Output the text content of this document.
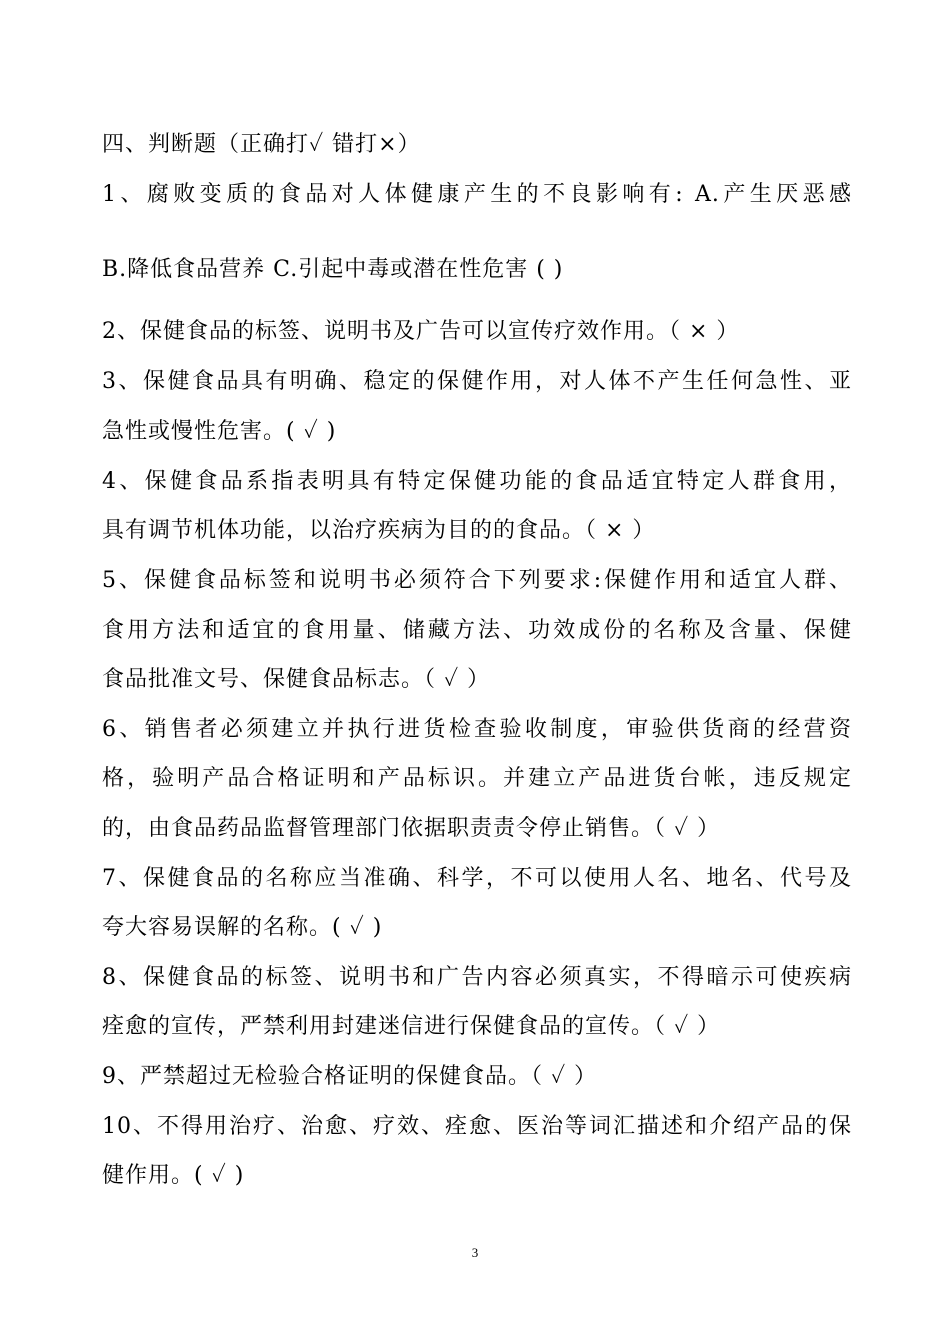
四、判断题（正确打✓ 错打×）
1、腐败变质的食品对人体健康产生的不良影响有: A.产生厌恶感
B.降低食品营养 C.引起中毒或潜在性危害 ( )
2、保健食品的标签、说明书及广告可以宣传疗效作用。（ × ）
3、保健食品具有明确、稳定的保健作用，对人体不产生任何急性、亚
急性或慢性危害。( ✓ )
4、保健食品系指表明具有特定保健功能的食品适宜特定人群食用，
具有调节机体功能，以治疗疾病为目的的食品。（ × ）
5、保健食品标签和说明书必须符合下列要求:保健作用和适宜人群、
食用方法和适宜的食用量、储藏方法、功效成份的名称及含量、保健
食品批准文号、保健食品标志。（ ✓ ）
6、销售者必须建立并执行进货检查验收制度，审验供货商的经营资
格，验明产品合格证明和产品标识。并建立产品进货台帐，违反规定
的，由食品药品监督管理部门依据职责责令停止销售。（ ✓ ）
7、保健食品的名称应当准确、科学，不可以使用人名、地名、代号及
夸大容易误解的名称。( ✓ )
8、保健食品的标签、说明书和广告内容必须真实，不得暗示可使疾病
痊愈的宣传，严禁利用封建迷信进行保健食品的宣传。（ ✓ ）
9、严禁超过无检验合格证明的保健食品。（ ✓ ）
10、不得用治疗、治愈、疗效、痊愈、医治等词汇描述和介绍产品的保
健作用。( ✓ )
3
